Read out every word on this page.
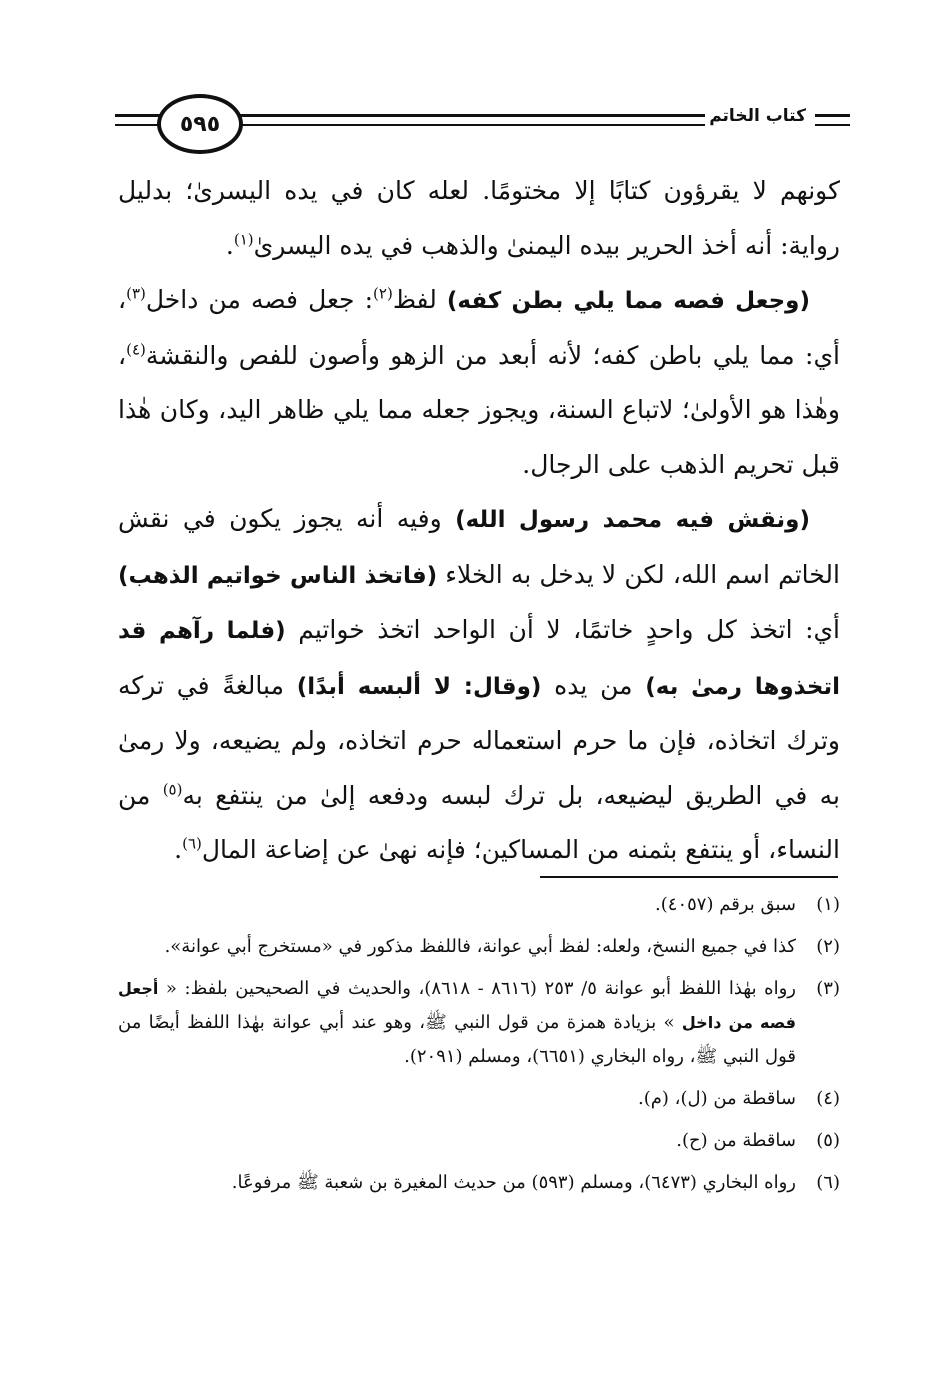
كتاب الخاتم
٥٩٥

كونهم لا يقرؤون كتابًا إلا مختومًا. لعله كان في يده اليسرىٰ؛ بدليل رواية: أنه أخذ الحرير بيده اليمنىٰ والذهب في يده اليسرىٰ$^{(١)}$.

(وجعل فصه مما يلي بطن كفه) لفظ$^{(٢)}$: جعل فصه من داخل$^{(٣)}$، أي: مما يلي باطن كفه؛ لأنه أبعد من الزهو وأصون للفص والنقشة$^{(٤)}$، وهٰذا هو الأولىٰ؛ لاتباع السنة، ويجوز جعله مما يلي ظاهر اليد، وكان هٰذا قبل تحريم الذهب على الرجال.

(ونقش فيه محمد رسول الله) وفيه أنه يجوز يكون في نقش الخاتم اسم الله، لكن لا يدخل به الخلاء (فاتخذ الناس خواتيم الذهب) أي: اتخذ كل واحدٍ خاتمًا، لا أن الواحد اتخذ خواتيم (فلما رآهم قد اتخذوها رمىٰ به) من يده (وقال: لا ألبسه أبدًا) مبالغةً في تركه وترك اتخاذه، فإن ما حرم استعماله حرم اتخاذه، ولم يضيعه، ولا رمىٰ به في الطريق ليضيعه، بل ترك لبسه ودفعه إلىٰ من ينتفع به$^{(٥)}$ من النساء، أو ينتفع بثمنه من المساكين؛ فإنه نهىٰ عن إضاعة المال$^{(٦)}$.

(١)
سبق برقم (٤٠٥٧).
(٢)
كذا في جميع النسخ، ولعله: لفظ أبي عوانة، فاللفظ مذكور في «مستخرج أبي عوانة».
(٣)
رواه بهٰذا اللفظ أبو عوانة ٥/ ٢٥٣ (٨٦١٦ - ٨٦١٨)، والحديث في الصحيحين بلفظ: « أجعل فصه من داخل » بزيادة همزة من قول النبي ﷺ، وهو عند أبي عوانة بهٰذا اللفظ أيضًا من قول النبي ﷺ، رواه البخاري (٦٦٥١)، ومسلم (٢٠٩١).
(٤)
ساقطة من (ل)، (م).
(٥)
ساقطة من (ح).
(٦)
رواه البخاري (٦٤٧٣)، ومسلم (٥٩٣) من حديث المغيرة بن شعبة ﷺ مرفوعًا.
